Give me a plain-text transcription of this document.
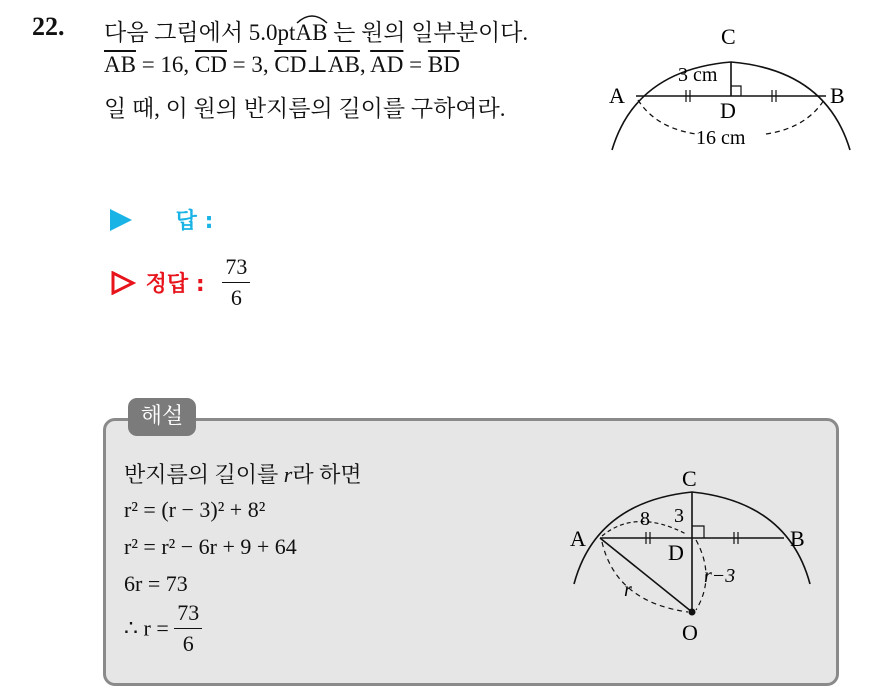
22. 다음 그림에서 5.0pt
AB 는 원의 일부분이다.
$\overline{AB} = 16$, $\overline{CD} = 3$, $\overline{CD}\perp\overline{AB}$, $\overline{AD} = \overline{BD}$
일 때, 이 원의 반지름의 길이를 구하여라.
A	B
C
D
3 cm
16 cm
답 :
정답 : $\frac{73}{6}$
해설
반지름의 길이를 r라 하면
r² = (r − 3)² + 8²
r² = r² − 6r + 9 + 64
6r = 73
∴ $r = \frac{73}{6}$
A	B
C
D
O
8 3
r
r−3
